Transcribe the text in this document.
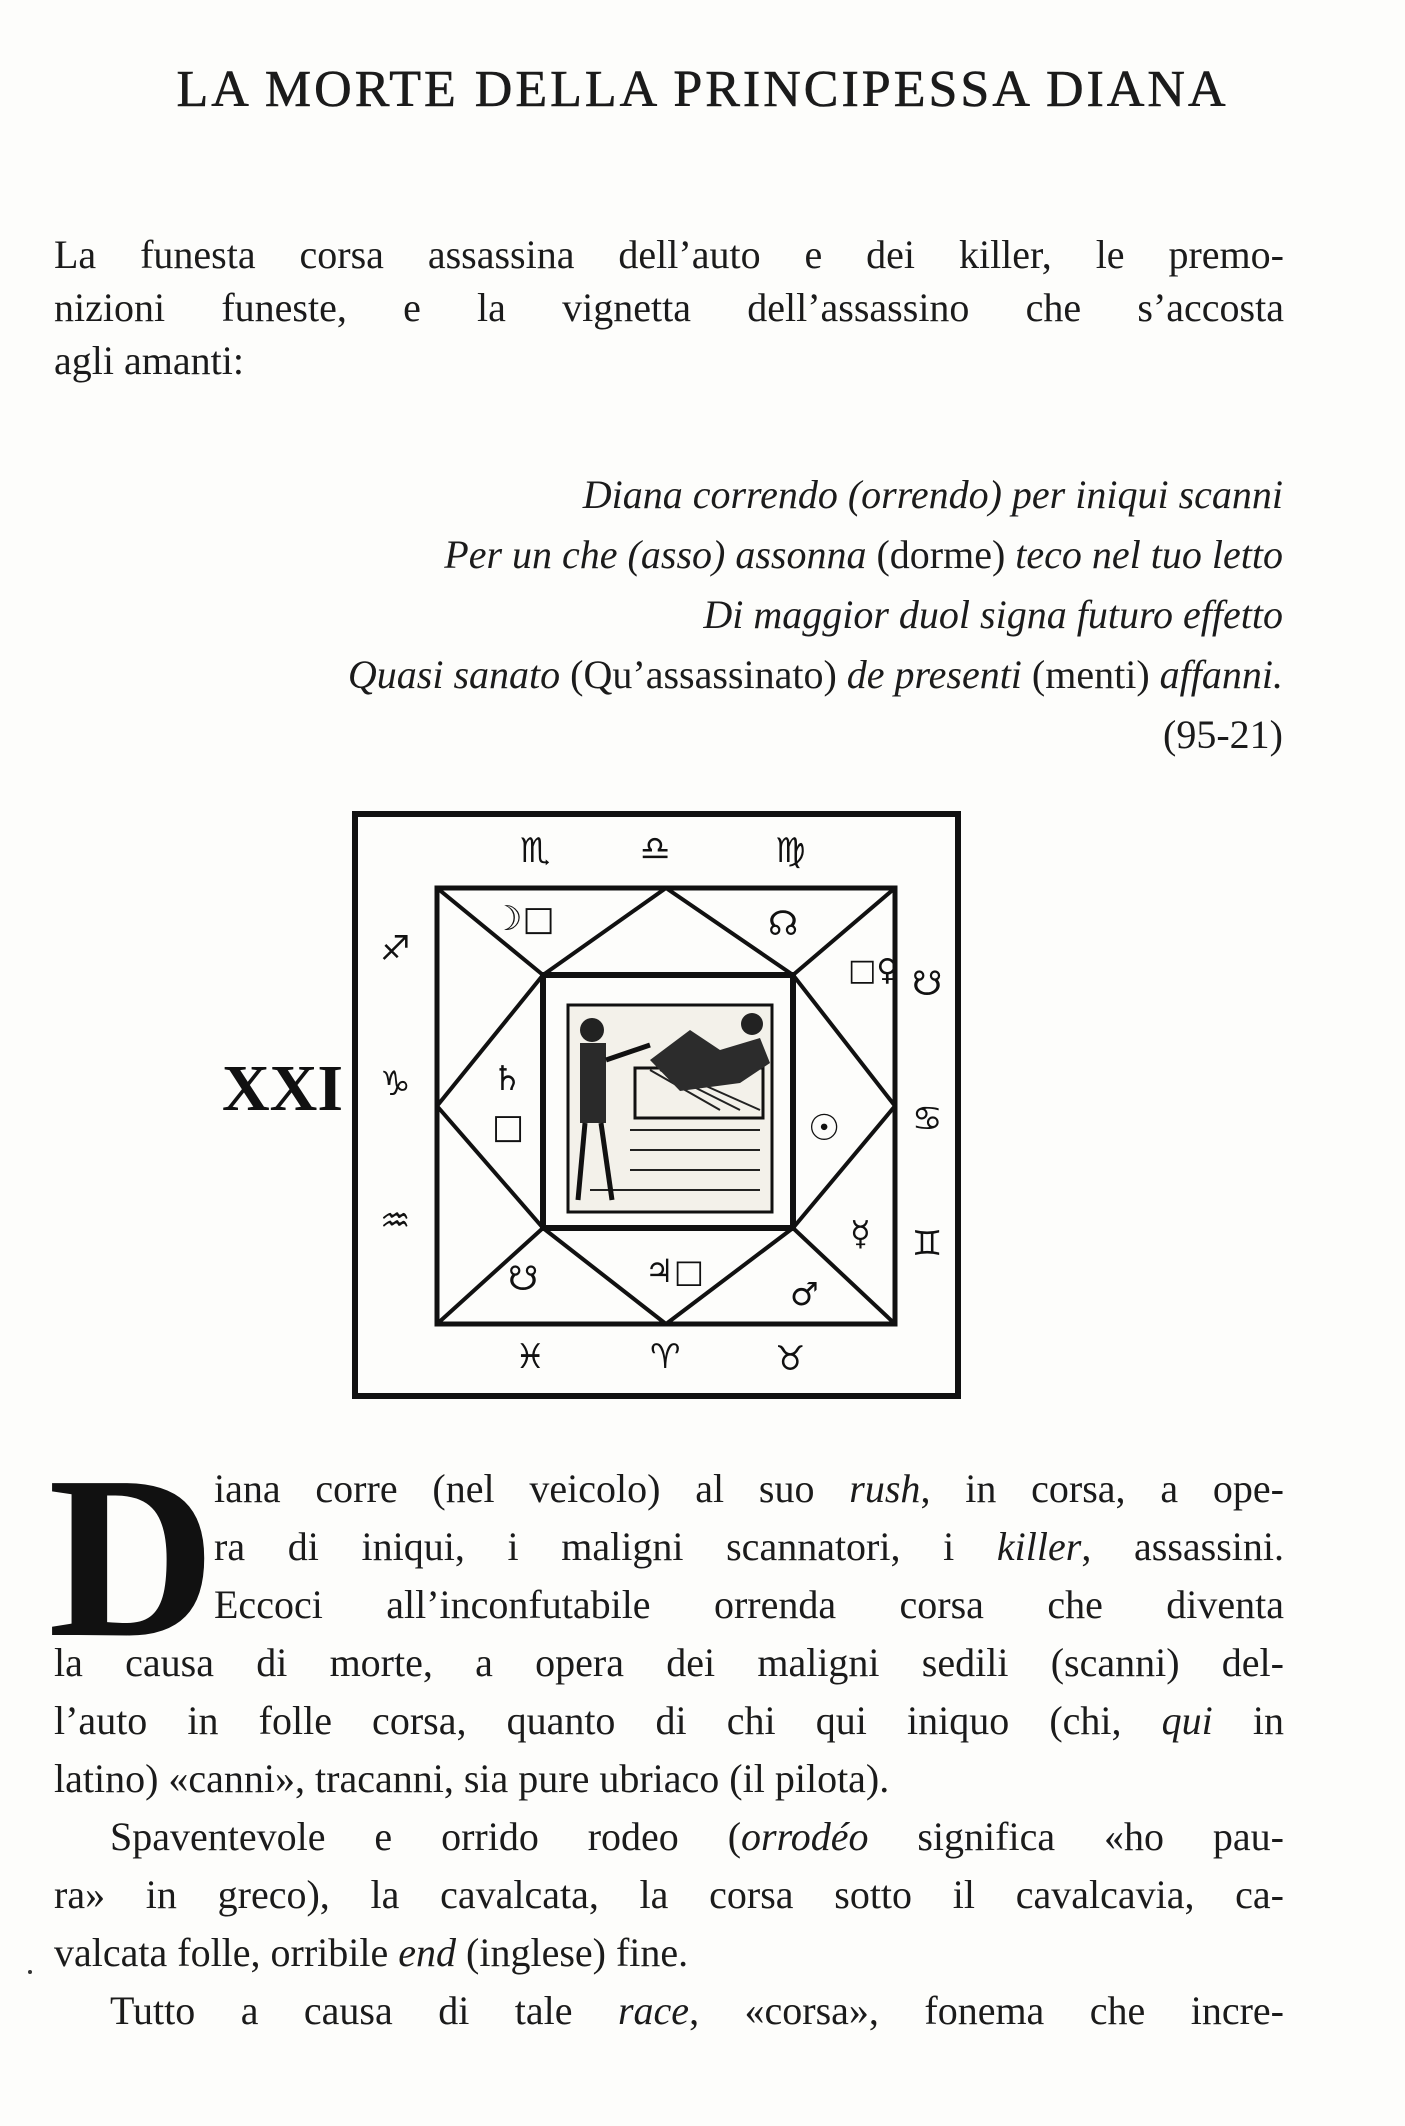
LA MORTE DELLA PRINCIPESSA DIANA
La funesta corsa assassina dell’auto e dei killer, le premo-
nizioni funeste, e la vignetta dell’assassino che s’accosta
agli amanti:
Diana correndo (orrendo) per iniqui scanni
Per un che (asso) assonna (dorme) teco nel tuo letto
Di maggior duol signa futuro effetto
Quasi sanato (Qu’assassinato) de presenti (menti) affanni.
(95-21)
XXI
♏	♎	♍
♐
♑
♒
♓	♈	♉
☋
♋
♊
☽□	☊
□♀
♄
□	☉
☿
☋	♃□
♂
D
iana corre (nel veicolo) al suo rush, in corsa, a ope-
ra di iniqui, i maligni scannatori, i killer, assassini.
Eccoci all’inconfutabile orrenda corsa che diventa
la causa di morte, a opera dei maligni sedili (scanni) del-
l’auto in folle corsa, quanto di chi qui iniquo (chi, qui in
latino) «canni», tracanni, sia pure ubriaco (il pilota).
Spaventevole e orrido rodeo (orrodéo significa «ho pau-
ra» in greco), la cavalcata, la corsa sotto il cavalcavia, ca-
valcata folle, orribile end (inglese) fine.
Tutto a causa di tale race, «corsa», fonema che incre-
